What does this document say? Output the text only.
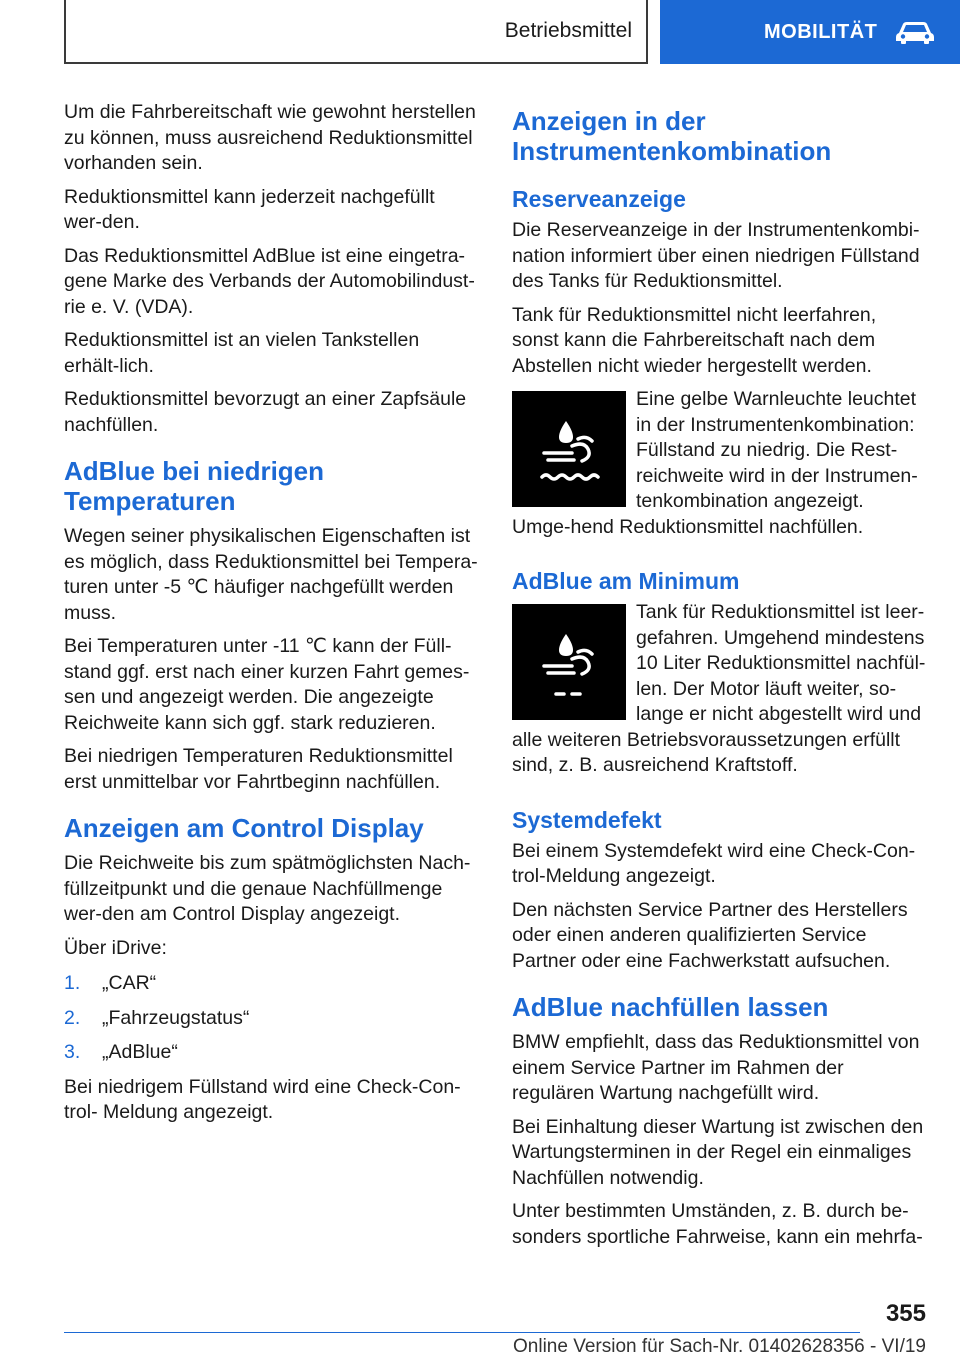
Betriebsmittel	MOBILITÄT

Um die Fahrbereitschaft wie gewohnt herstellen zu können, muss ausreichend Reduktionsmittel vorhanden sein.

Reduktionsmittel kann jederzeit nachgefüllt wer-den.

Das Reduktionsmittel AdBlue ist eine eingetra-gene Marke des Verbands der Automobilindust-rie e. V. (VDA).

Reduktionsmittel ist an vielen Tankstellen erhält-lich.

Reduktionsmittel bevorzugt an einer Zapfsäule nachfüllen.

AdBlue bei niedrigen Temperaturen

Wegen seiner physikalischen Eigenschaften ist es möglich, dass Reduktionsmittel bei Tempera-turen unter -5 ℃ häufiger nachgefüllt werden muss.

Bei Temperaturen unter -11 ℃ kann der Füll-stand ggf. erst nach einer kurzen Fahrt gemes-sen und angezeigt werden. Die angezeigte Reichweite kann sich ggf. stark reduzieren.

Bei niedrigen Temperaturen Reduktionsmittel erst unmittelbar vor Fahrtbeginn nachfüllen.

Anzeigen am Control Display

Die Reichweite bis zum spätmöglichsten Nach-füllzeitpunkt und die genaue Nachfüllmenge wer-den am Control Display angezeigt.

Über iDrive:

1.	„CAR“
2.	„Fahrzeugstatus“
3.	„AdBlue“

Bei niedrigem Füllstand wird eine Check-Con-trol- Meldung angezeigt.

Anzeigen in der Instrumentenkombination
Reserveanzeige

Die Reserveanzeige in der Instrumentenkombi-nation informiert über einen niedrigen Füllstand des Tanks für Reduktionsmittel.

Tank für Reduktionsmittel nicht leerfahren, sonst kann die Fahrbereitschaft nach dem Abstellen nicht wieder hergestellt werden.

Eine gelbe Warnleuchte leuchtet in der Instrumentenkombination: Füllstand zu niedrig. Die Rest-reichweite wird in der Instrumen-tenkombination angezeigt. Umge-hend Reduktionsmittel nachfüllen.

AdBlue am Minimum

Tank für Reduktionsmittel ist leer-gefahren. Umgehend mindestens 10 Liter Reduktionsmittel nachfül-len. Der Motor läuft weiter, so-lange er nicht abgestellt wird und alle weiteren Betriebsvoraussetzungen erfüllt sind, z. B. ausreichend Kraftstoff.

Systemdefekt

Bei einem Systemdefekt wird eine Check-Con-trol-Meldung angezeigt.

Den nächsten Service Partner des Herstellers oder einen anderen qualifizierten Service Partner oder eine Fachwerkstatt aufsuchen.

AdBlue nachfüllen lassen

BMW empfiehlt, dass das Reduktionsmittel von einem Service Partner im Rahmen der regulären Wartung nachgefüllt wird.

Bei Einhaltung dieser Wartung ist zwischen den Wartungsterminen in der Regel ein einmaliges Nachfüllen notwendig.

Unter bestimmten Umständen, z. B. durch be-sonders sportliche Fahrweise, kann ein mehrfa-

355
Online Version für Sach-Nr. 01402628356 - VI/19
